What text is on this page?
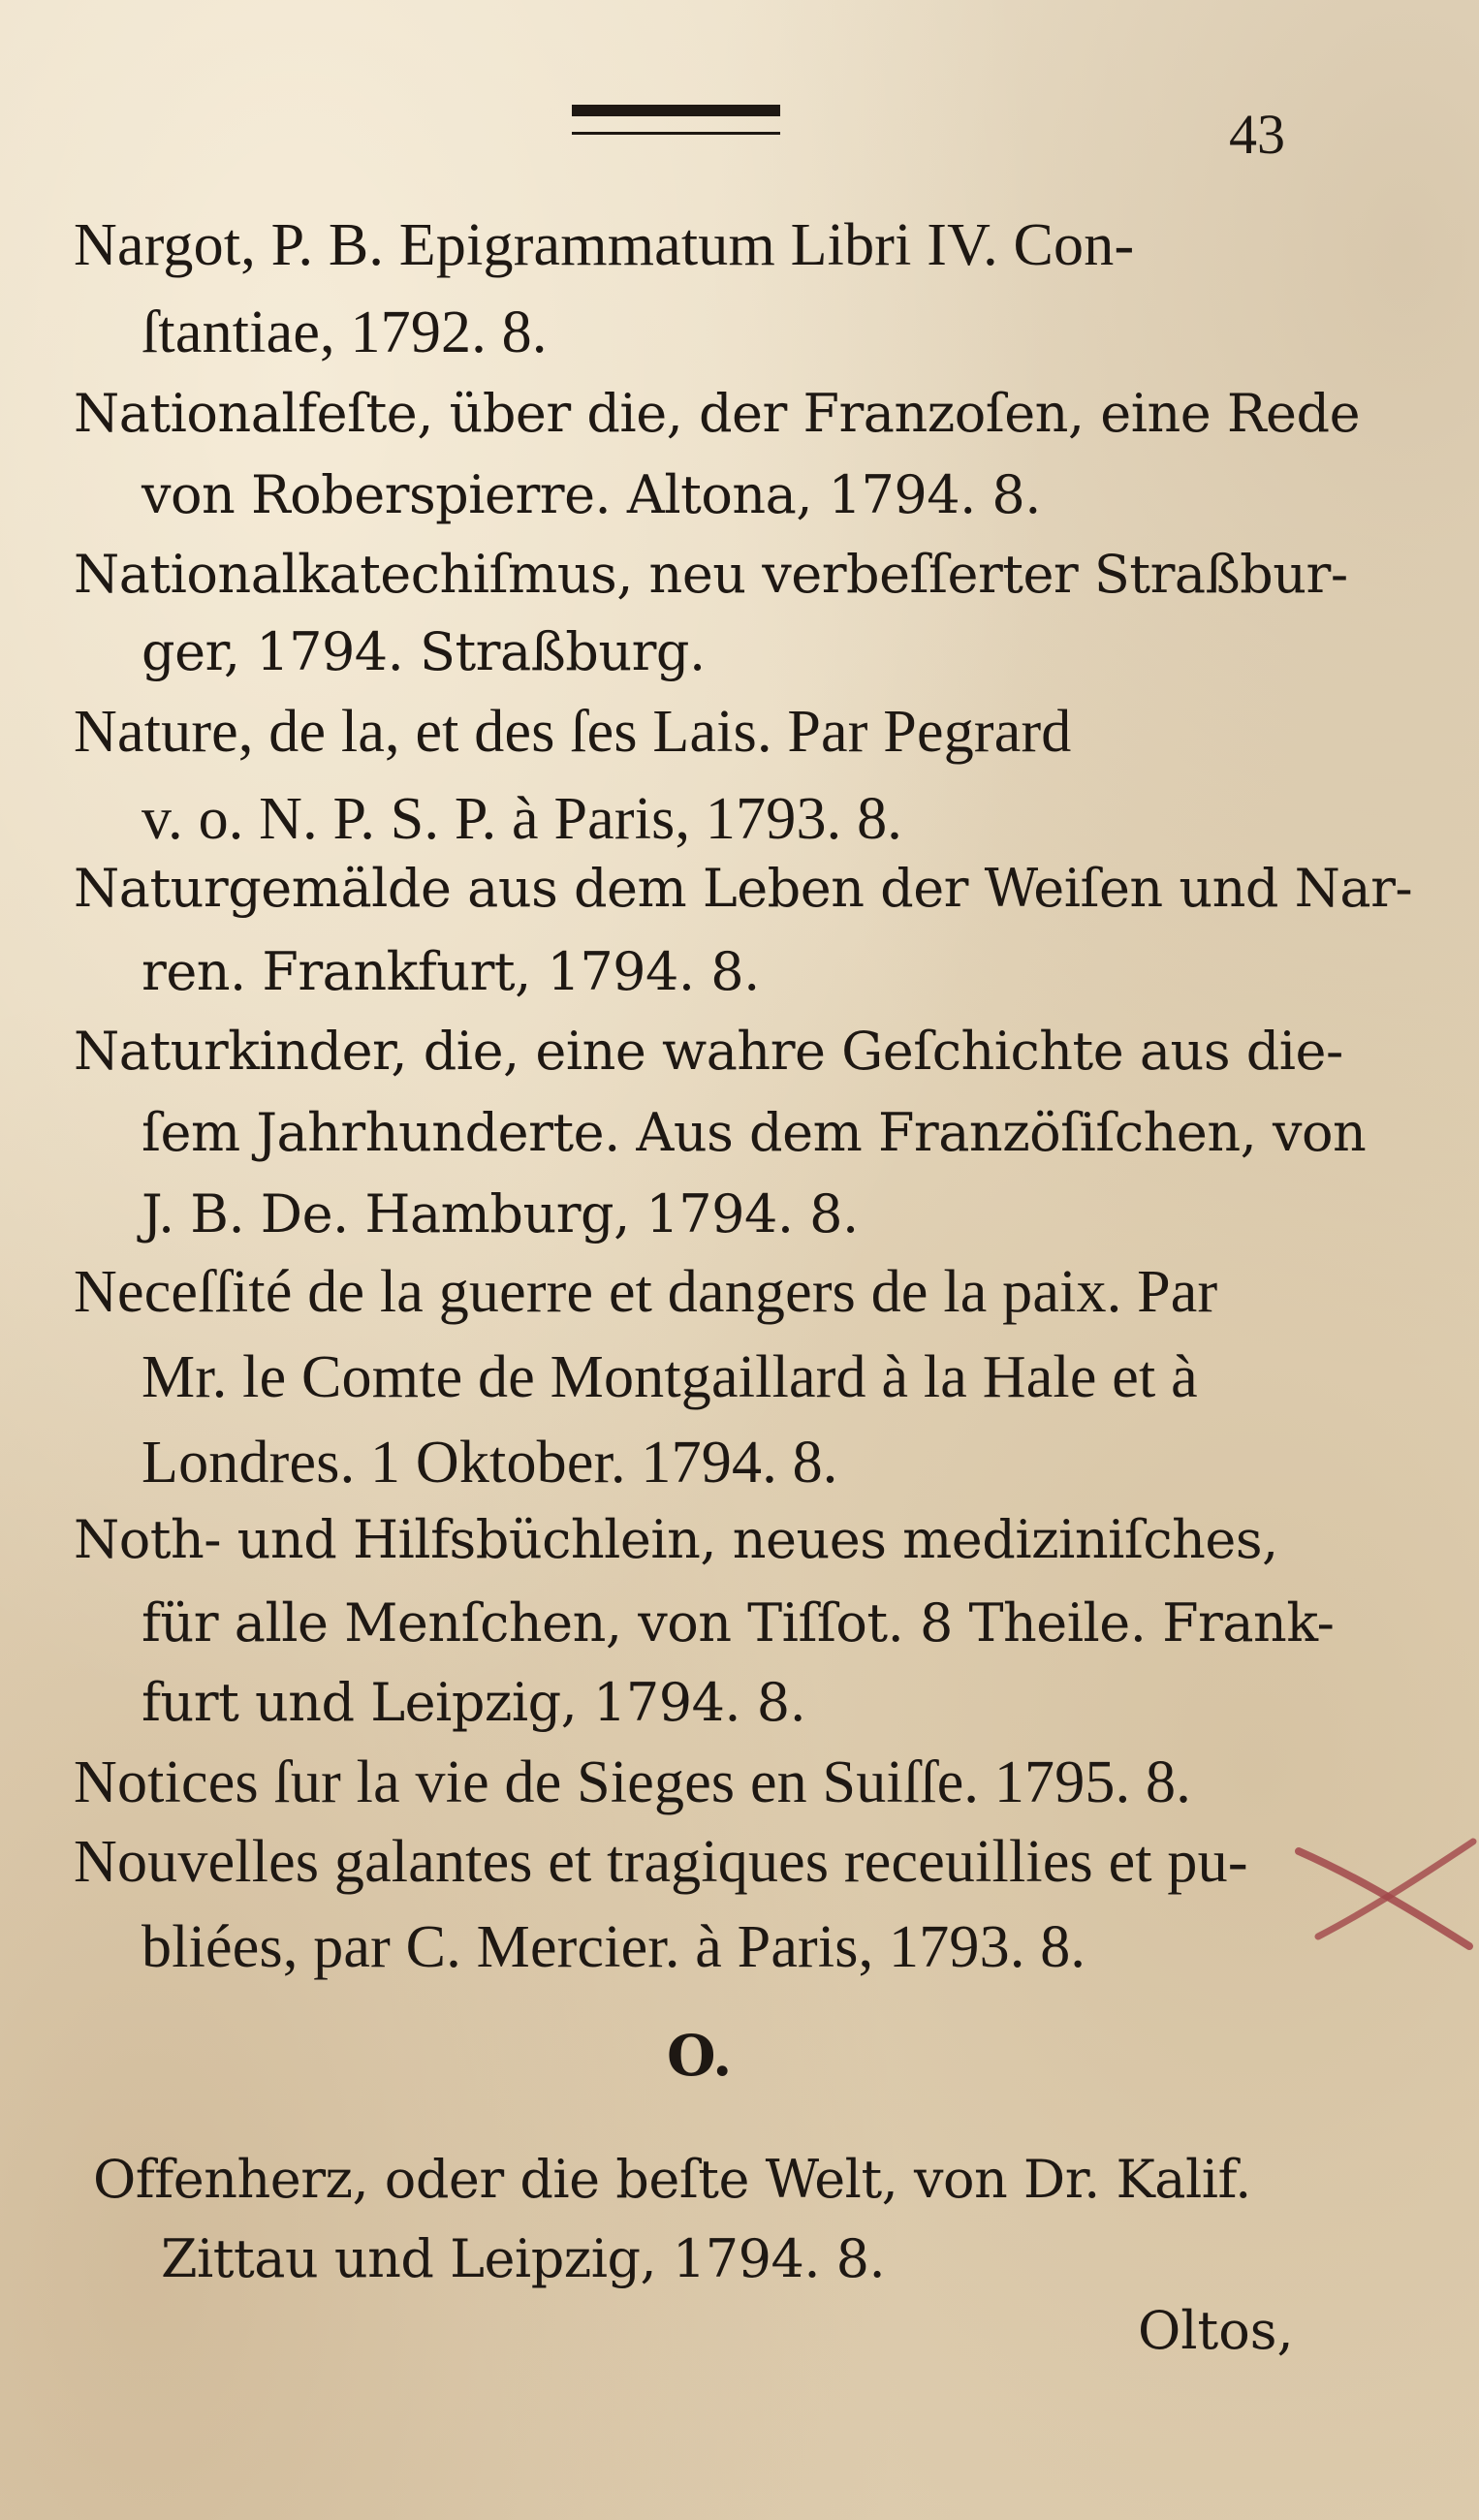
43
Nargot, P. B. Epigrammatum Libri IV. Con-
ſtantiae, 1792. 8.
Nationalfeſte, über die, der Franzoſen, eine Rede
von Roberspierre. Altona, 1794. 8.
Nationalkatechiſmus, neu verbeſſerter Straßbur-
ger, 1794. Straßburg.
Nature, de la, et des ſes Lais. Par Pegrard
v. o. N. P. S. P. à Paris, 1793. 8.
Naturgemälde aus dem Leben der Weiſen und Nar-
ren. Frankfurt, 1794. 8.
Naturkinder, die, eine wahre Geſchichte aus die-
ſem Jahrhunderte. Aus dem Franzöſiſchen, von
J. B. De. Hamburg, 1794. 8.
Neceſſité de la guerre et dangers de la paix. Par
Mr. le Comte de Montgaillard à la Hale et à
Londres. 1 Oktober. 1794. 8.
Noth- und Hilfsbüchlein, neues mediziniſches,
für alle Menſchen, von Tiſſot. 8 Theile. Frank-
furt und Leipzig, 1794. 8.
Notices ſur la vie de Sieges en Suiſſe. 1795. 8.
Nouvelles galantes et tragiques receuillies et pu-
bliées, par C. Mercier. à Paris, 1793. 8.
O.
Offenherz, oder die beſte Welt, von Dr. Kalif.
Zittau und Leipzig, 1794. 8.
Oltos,
